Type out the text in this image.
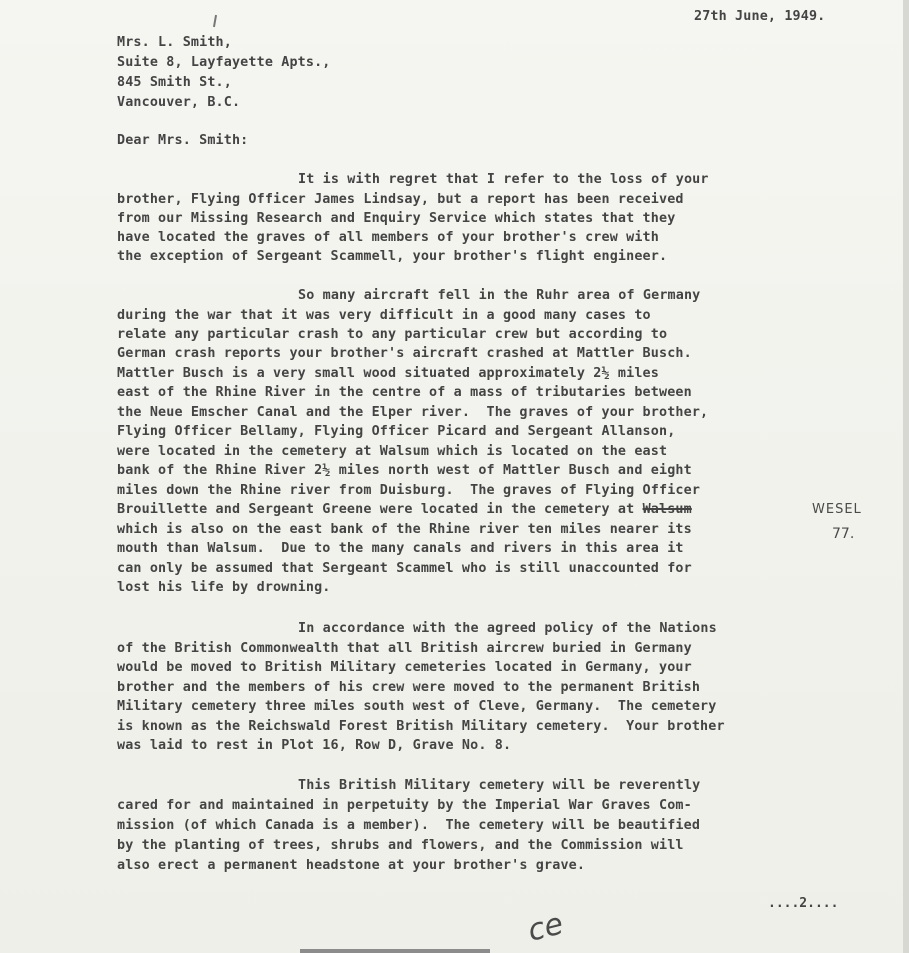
27th June, 1949.
Mrs. L. Smith,
Suite 8, Layfayette Apts.,
845 Smith St.,
Vancouver, B.C.
Dear Mrs. Smith:
It is with regret that I refer to the loss of your
brother, Flying Officer James Lindsay, but a report has been received
from our Missing Research and Enquiry Service which states that they
have located the graves of all members of your brother's crew with
the exception of Sergeant Scammell, your brother's flight engineer.
So many aircraft fell in the Ruhr area of Germany
during the war that it was very difficult in a good many cases to
relate any particular crash to any particular crew but according to
German crash reports your brother's aircraft crashed at Mattler Busch.
Mattler Busch is a very small wood situated approximately 2½ miles
east of the Rhine River in the centre of a mass of tributaries between
the Neue Emscher Canal and the Elper river.  The graves of your brother,
Flying Officer Bellamy, Flying Officer Picard and Sergeant Allanson,
were located in the cemetery at Walsum which is located on the east
bank of the Rhine River 2½ miles north west of Mattler Busch and eight
miles down the Rhine river from Duisburg.  The graves of Flying Officer
Brouillette and Sergeant Greene were located in the cemetery at Walsum
which is also on the east bank of the Rhine river ten miles nearer its
mouth than Walsum.  Due to the many canals and rivers in this area it
can only be assumed that Sergeant Scammel who is still unaccounted for
lost his life by drowning.
WESEL
77.
In accordance with the agreed policy of the Nations
of the British Commonwealth that all British aircrew buried in Germany
would be moved to British Military cemeteries located in Germany, your
brother and the members of his crew were moved to the permanent British
Military cemetery three miles south west of Cleve, Germany.  The cemetery
is known as the Reichswald Forest British Military cemetery.  Your brother
was laid to rest in Plot 16, Row D, Grave No. 8.
This British Military cemetery will be reverently
cared for and maintained in perpetuity by the Imperial War Graves Com-
mission (of which Canada is a member).  The cemetery will be beautified
by the planting of trees, shrubs and flowers, and the Commission will
also erect a permanent headstone at your brother's grave.
....2....
ce
